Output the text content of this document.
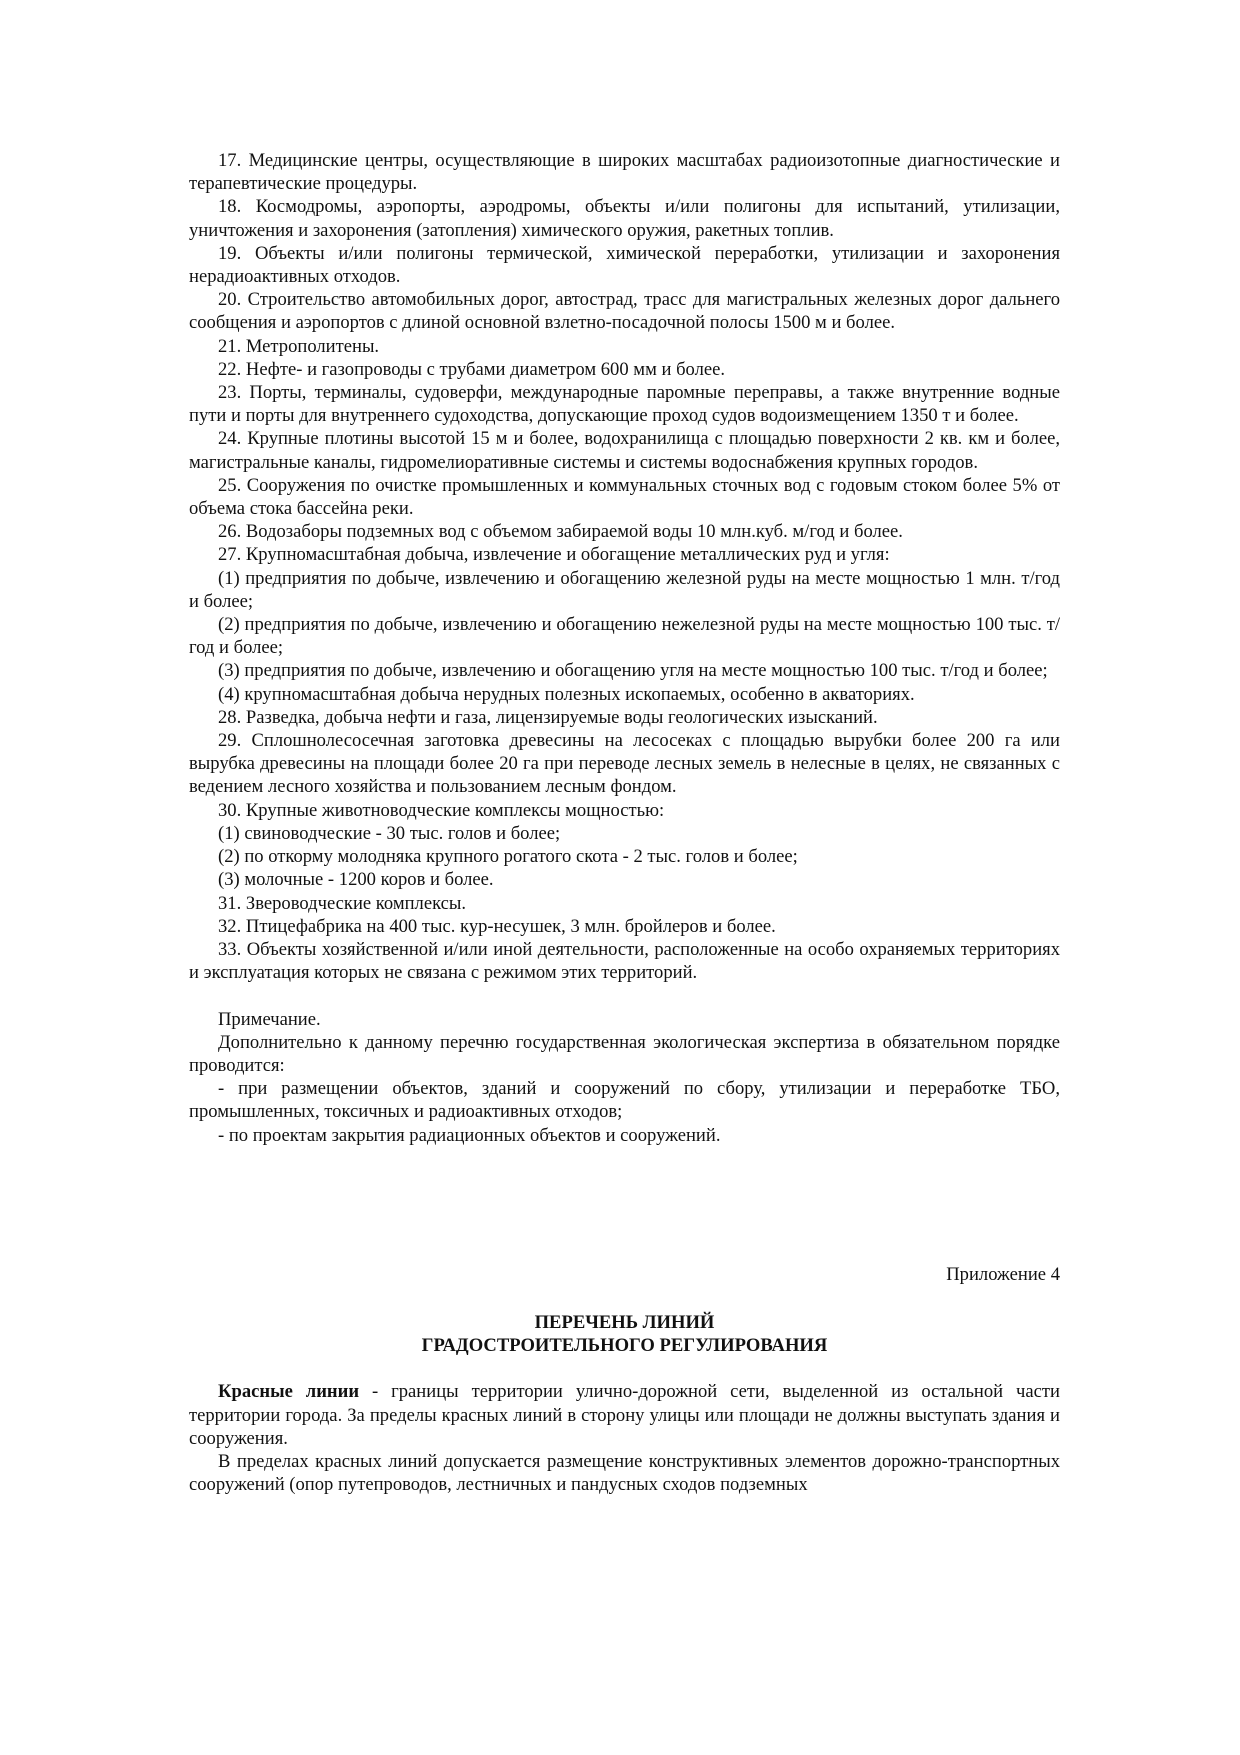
17. Медицинские центры, осуществляющие в широких масштабах радиоизотопные диагностические и терапевтические процедуры.

18. Космодромы, аэропорты, аэродромы, объекты и/или полигоны для испытаний, утилизации, уничтожения и захоронения (затопления) химического оружия, ракетных топлив.

19. Объекты и/или полигоны термической, химической переработки, утилизации и захоронения нерадиоактивных отходов.

20. Строительство автомобильных дорог, автострад, трасс для магистральных железных дорог дальнего сообщения и аэропортов с длиной основной взлетно-посадочной полосы 1500 м и более.

21. Метрополитены.

22. Нефте- и газопроводы с трубами диаметром 600 мм и более.

23. Порты, терминалы, судоверфи, международные паромные переправы, а также внутренние водные пути и порты для внутреннего судоходства, допускающие проход судов водоизмещением 1350 т и более.

24. Крупные плотины высотой 15 м и более, водохранилища с площадью поверхности 2 кв. км и более, магистральные каналы, гидромелиоративные системы и системы водоснабжения крупных городов.

25. Сооружения по очистке промышленных и коммунальных сточных вод с годовым стоком более 5% от объема стока бассейна реки.

26. Водозаборы подземных вод с объемом забираемой воды 10 млн.куб. м/год и более.

27. Крупномасштабная добыча, извлечение и обогащение металлических руд и угля:

(1) предприятия по добыче, извлечению и обогащению железной руды на месте мощностью 1 млн. т/год и более;

(2) предприятия по добыче, извлечению и обогащению нежелезной руды на месте мощностью 100 тыс. т/год и более;

(3) предприятия по добыче, извлечению и обогащению угля на месте мощностью 100 тыс. т/год и более;

(4) крупномасштабная добыча нерудных полезных ископаемых, особенно в акваториях.

28. Разведка, добыча нефти и газа, лицензируемые воды геологических изысканий.

29. Сплошнолесосечная заготовка древесины на лесосеках с площадью вырубки более 200 га или вырубка древесины на площади более 20 га при переводе лесных земель в нелесные в целях, не связанных с ведением лесного хозяйства и пользованием лесным фондом.

30. Крупные животноводческие комплексы мощностью:

(1) свиноводческие - 30 тыс. голов и более;

(2) по откорму молодняка крупного рогатого скота - 2 тыс. голов и более;

(3) молочные - 1200 коров и более.

31. Звероводческие комплексы.

32. Птицефабрика на 400 тыс. кур-несушек, 3 млн. бройлеров и более.

33. Объекты хозяйственной и/или иной деятельности, расположенные на особо охраняемых территориях и эксплуатация которых не связана с режимом этих территорий.

Примечание.

Дополнительно к данному перечню государственная экологическая экспертиза в обязательном порядке проводится:

- при размещении объектов, зданий и сооружений по сбору, утилизации и переработке ТБО, промышленных, токсичных и радиоактивных отходов;

- по проектам закрытия радиационных объектов и сооружений.

Приложение 4
ПЕРЕЧЕНЬ ЛИНИЙ
ГРАДОСТРОИТЕЛЬНОГО РЕГУЛИРОВАНИЯ

Красные линии - границы территории улично-дорожной сети, выделенной из остальной части территории города. За пределы красных линий в сторону улицы или площади не должны выступать здания и сооружения.

В пределах красных линий допускается размещение конструктивных элементов дорожно-транспортных сооружений (опор путепроводов, лестничных и пандусных сходов подземных
